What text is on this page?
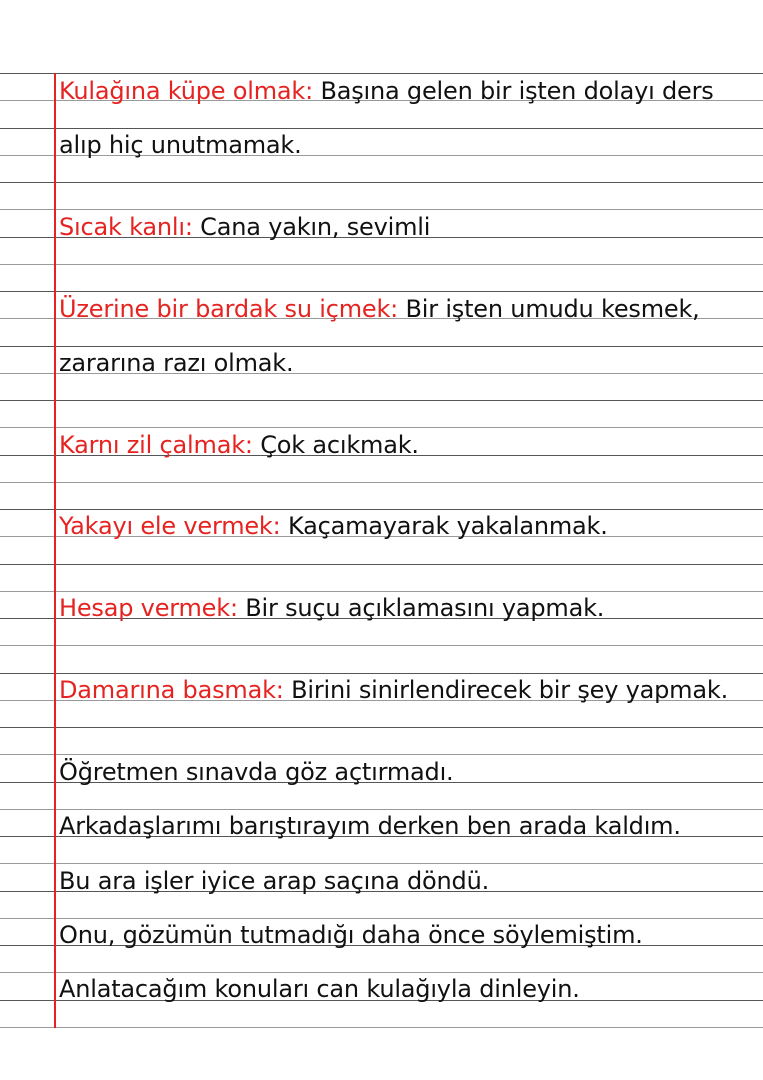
Kulağına küpe olmak: Başına gelen bir işten dolayı ders
alıp hiç unutmamak.
Sıcak kanlı: Cana yakın, sevimli
Üzerine bir bardak su içmek: Bir işten umudu kesmek,
zararına razı olmak.
Karnı zil çalmak: Çok acıkmak.
Yakayı ele vermek: Kaçamayarak yakalanmak.
Hesap vermek: Bir suçu açıklamasını yapmak.
Damarına basmak: Birini sinirlendirecek bir şey yapmak.
Öğretmen sınavda göz açtırmadı.
Arkadaşlarımı barıştırayım derken ben arada kaldım.
Bu ara işler iyice arap saçına döndü.
Onu, gözümün tutmadığı daha önce söylemiştim.
Anlatacağım konuları can kulağıyla dinleyin.
